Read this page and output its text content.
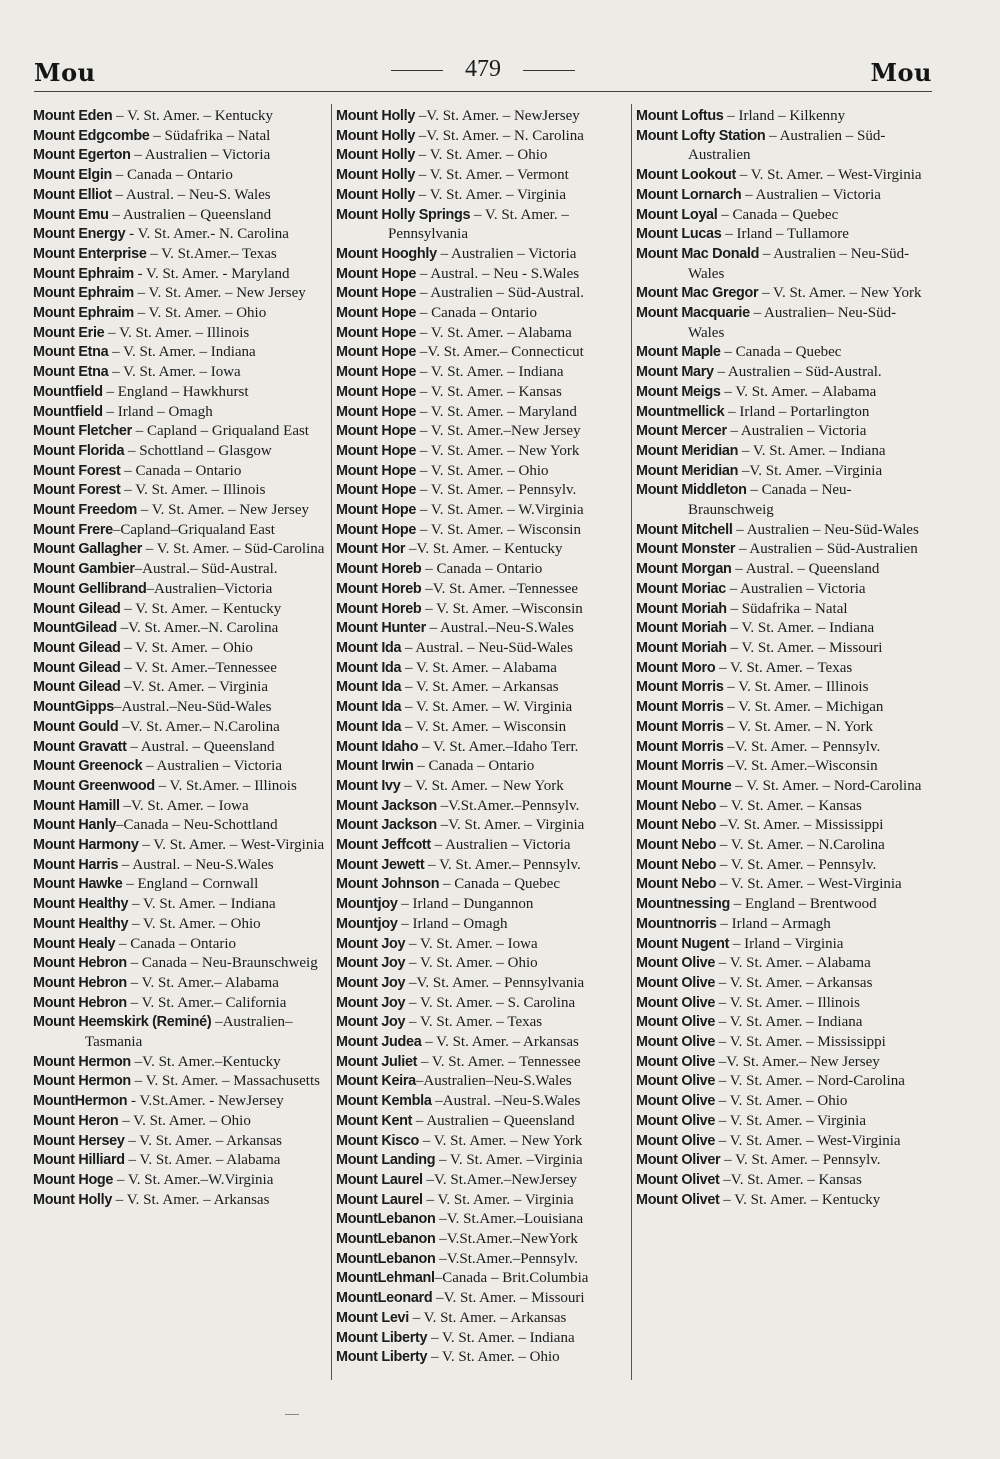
Mou	479	Mou

Mount Eden – V. St. Amer. – Kentucky

Mount Edgcombe – Südafrika – Natal

Mount Egerton – Australien – Victoria

Mount Elgin – Canada – Ontario

Mount Elliot – Austral. – Neu-S. Wales

Mount Emu – Australien – Queensland

Mount Energy - V. St. Amer.- N. Carolina

Mount Enterprise – V. St.Amer.– Texas

Mount Ephraim - V. St. Amer. - Maryland

Mount Ephraim – V. St. Amer. – New Jersey

Mount Ephraim – V. St. Amer. – Ohio

Mount Erie – V. St. Amer. – Illinois

Mount Etna – V. St. Amer. – Indiana

Mount Etna – V. St. Amer. – Iowa

Mountfield – England – Hawkhurst

Mountfield – Irland – Omagh

Mount Fletcher – Capland – Griqualand East

Mount Florida – Schottland – Glasgow

Mount Forest – Canada – Ontario

Mount Forest – V. St. Amer. – Illinois

Mount Freedom – V. St. Amer. – New Jersey

Mount Frere–Capland–Griqualand East

Mount Gallagher – V. St. Amer. – Süd-Carolina

Mount Gambier–Austral.– Süd-Austral.

Mount Gellibrand–Australien–Victoria

Mount Gilead – V. St. Amer. – Kentucky

MountGilead –V. St. Amer.–N. Carolina

Mount Gilead – V. St. Amer. – Ohio

Mount Gilead – V. St. Amer.–Tennessee

Mount Gilead –V. St. Amer. – Virginia

MountGipps–Austral.–Neu-Süd-Wales

Mount Gould –V. St. Amer.– N.Carolina

Mount Gravatt – Austral. – Queensland

Mount Greenock – Australien – Victoria

Mount Greenwood – V. St.Amer. – Illinois

Mount Hamill –V. St. Amer. – Iowa

Mount Hanly–Canada – Neu-Schottland

Mount Harmony – V. St. Amer. – West-Virginia

Mount Harris – Austral. – Neu-S.Wales

Mount Hawke – England – Cornwall

Mount Healthy – V. St. Amer. – Indiana

Mount Healthy – V. St. Amer. – Ohio

Mount Healy – Canada – Ontario

Mount Hebron – Canada – Neu-Braunschweig

Mount Hebron – V. St. Amer.– Alabama

Mount Hebron – V. St. Amer.– California

Mount Heemskirk (Reminé) –Australien–Tasmania

Mount Hermon –V. St. Amer.–Kentucky

Mount Hermon – V. St. Amer. – Massachusetts

MountHermon - V.St.Amer. - NewJersey

Mount Heron – V. St. Amer. – Ohio

Mount Hersey – V. St. Amer. – Arkansas

Mount Hilliard – V. St. Amer. – Alabama

Mount Hoge – V. St. Amer.–W.Virginia

Mount Holly – V. St. Amer. – Arkansas

Mount Holly –V. St. Amer. – NewJersey

Mount Holly –V. St. Amer. – N. Carolina

Mount Holly – V. St. Amer. – Ohio

Mount Holly – V. St. Amer. – Vermont

Mount Holly – V. St. Amer. – Virginia

Mount Holly Springs – V. St. Amer. – Pennsylvania

Mount Hooghly – Australien – Victoria

Mount Hope – Austral. – Neu - S.Wales

Mount Hope – Australien – Süd-Austral.

Mount Hope – Canada – Ontario

Mount Hope – V. St. Amer. – Alabama

Mount Hope –V. St. Amer.– Connecticut

Mount Hope – V. St. Amer. – Indiana

Mount Hope – V. St. Amer. – Kansas

Mount Hope – V. St. Amer. – Maryland

Mount Hope – V. St. Amer.–New Jersey

Mount Hope – V. St. Amer. – New York

Mount Hope – V. St. Amer. – Ohio

Mount Hope – V. St. Amer. – Pennsylv.

Mount Hope – V. St. Amer. – W.Virginia

Mount Hope – V. St. Amer. – Wisconsin

Mount Hor –V. St. Amer. – Kentucky

Mount Horeb – Canada – Ontario

Mount Horeb –V. St. Amer. –Tennessee

Mount Horeb – V. St. Amer. –Wisconsin

Mount Hunter – Austral.–Neu-S.Wales

Mount Ida – Austral. – Neu-Süd-Wales

Mount Ida – V. St. Amer. – Alabama

Mount Ida – V. St. Amer. – Arkansas

Mount Ida – V. St. Amer. – W. Virginia

Mount Ida – V. St. Amer. – Wisconsin

Mount Idaho – V. St. Amer.–Idaho Terr.

Mount Irwin – Canada – Ontario

Mount Ivy – V. St. Amer. – New York

Mount Jackson –V.St.Amer.–Pennsylv.

Mount Jackson –V. St. Amer. – Virginia

Mount Jeffcott – Australien – Victoria

Mount Jewett – V. St. Amer.– Pennsylv.

Mount Johnson – Canada – Quebec

Mountjoy – Irland – Dungannon

Mountjoy – Irland – Omagh

Mount Joy – V. St. Amer. – Iowa

Mount Joy – V. St. Amer. – Ohio

Mount Joy –V. St. Amer. – Pennsylvania

Mount Joy – V. St. Amer. – S. Carolina

Mount Joy – V. St. Amer. – Texas

Mount Judea – V. St. Amer. – Arkansas

Mount Juliet – V. St. Amer. – Tennessee

Mount Keira–Australien–Neu-S.Wales

Mount Kembla –Austral. –Neu-S.Wales

Mount Kent – Australien – Queensland

Mount Kisco – V. St. Amer. – New York

Mount Landing – V. St. Amer. –Virginia

Mount Laurel –V. St.Amer.–NewJersey

Mount Laurel – V. St. Amer. – Virginia

MountLebanon –V. St.Amer.–Louisiana

MountLebanon –V.St.Amer.–NewYork

MountLebanon –V.St.Amer.–Pennsylv.

MountLehmanl–Canada – Brit.Columbia

MountLeonard –V. St. Amer. – Missouri

Mount Levi – V. St. Amer. – Arkansas

Mount Liberty – V. St. Amer. – Indiana

Mount Liberty – V. St. Amer. – Ohio

Mount Loftus – Irland – Kilkenny

Mount Lofty Station – Australien – Süd-Australien

Mount Lookout – V. St. Amer. – West-Virginia

Mount Lornarch – Australien – Victoria

Mount Loyal – Canada – Quebec

Mount Lucas – Irland – Tullamore

Mount Mac Donald – Australien – Neu-Süd-Wales

Mount Mac Gregor – V. St. Amer. – New York

Mount Macquarie – Australien– Neu-Süd-Wales

Mount Maple – Canada – Quebec

Mount Mary – Australien – Süd-Austral.

Mount Meigs – V. St. Amer. – Alabama

Mountmellick – Irland – Portarlington

Mount Mercer – Australien – Victoria

Mount Meridian – V. St. Amer. – Indiana

Mount Meridian –V. St. Amer. –Virginia

Mount Middleton – Canada – Neu-Braunschweig

Mount Mitchell – Australien – Neu-Süd-Wales

Mount Monster – Australien – Süd-Australien

Mount Morgan – Austral. – Queensland

Mount Moriac – Australien – Victoria

Mount Moriah – Südafrika – Natal

Mount Moriah – V. St. Amer. – Indiana

Mount Moriah – V. St. Amer. – Missouri

Mount Moro – V. St. Amer. – Texas

Mount Morris – V. St. Amer. – Illinois

Mount Morris – V. St. Amer. – Michigan

Mount Morris – V. St. Amer. – N. York

Mount Morris –V. St. Amer. – Pennsylv.

Mount Morris –V. St. Amer.–Wisconsin

Mount Mourne – V. St. Amer. – Nord-Carolina

Mount Nebo – V. St. Amer. – Kansas

Mount Nebo –V. St. Amer. – Mississippi

Mount Nebo – V. St. Amer. – N.Carolina

Mount Nebo – V. St. Amer. – Pennsylv.

Mount Nebo – V. St. Amer. – West-Virginia

Mountnessing – England – Brentwood

Mountnorris – Irland – Armagh

Mount Nugent – Irland – Virginia

Mount Olive – V. St. Amer. – Alabama

Mount Olive – V. St. Amer. – Arkansas

Mount Olive – V. St. Amer. – Illinois

Mount Olive – V. St. Amer. – Indiana

Mount Olive – V. St. Amer. – Mississippi

Mount Olive –V. St. Amer.– New Jersey

Mount Olive – V. St. Amer. – Nord-Carolina

Mount Olive – V. St. Amer. – Ohio

Mount Olive – V. St. Amer. – Virginia

Mount Olive – V. St. Amer. – West-Virginia

Mount Oliver – V. St. Amer. – Pennsylv.

Mount Olivet –V. St. Amer. – Kansas

Mount Olivet – V. St. Amer. – Kentucky
